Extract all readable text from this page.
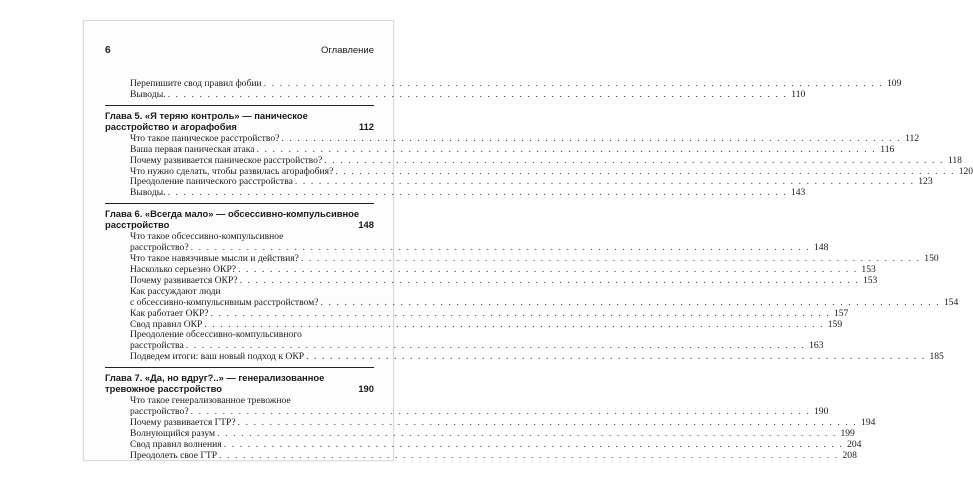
6	Оглавление
Перепишите свод правил фобии . . .	109
Выводы. . . .	110
Глава 5. «Я теряю контроль» — паническое
расстройство и агорафобия	112
Что такое паническое расстройство? . . .	112
Ваша первая паническая атака . . .	116
Почему развивается паническое расстройство? . . .	118
Что нужно сделать, чтобы развилась агорафобия? . . .	120
Преодоление панического расстройства . . .	123
Выводы. . . .	143
Глава 6. «Всегда мало» — обсессивно-компульсивное
расстройство	148
Что такое обсессивно-компульсивное
расстройство? . . .	148
Что такое навязчивые мысли и действия? . . .	150
Насколько серьезно ОКР? . . .	153
Почему развивается ОКР? . . .	153
Как рассуждают люди
с обсессивно-компульсивным расстройством? . . .	154
Как работает ОКР? . . .	157
Свод правил ОКР . . .	159
Преодоление обсессивно-компульсивного
расстройства . . .	163
Подведем итоги: ваш новый подход к ОКР . . .	185
Глава 7. «Да, но вдруг?..» — генерализованное
тревожное расстройство	190
Что такое генерализованное тревожное
расстройство? . . .	190
Почему развивается ГТР? . . .	194
Волнующийся разум . . .	199
Свод правил волнения . . .	204
Преодолеть свое ГТР . . .	208
